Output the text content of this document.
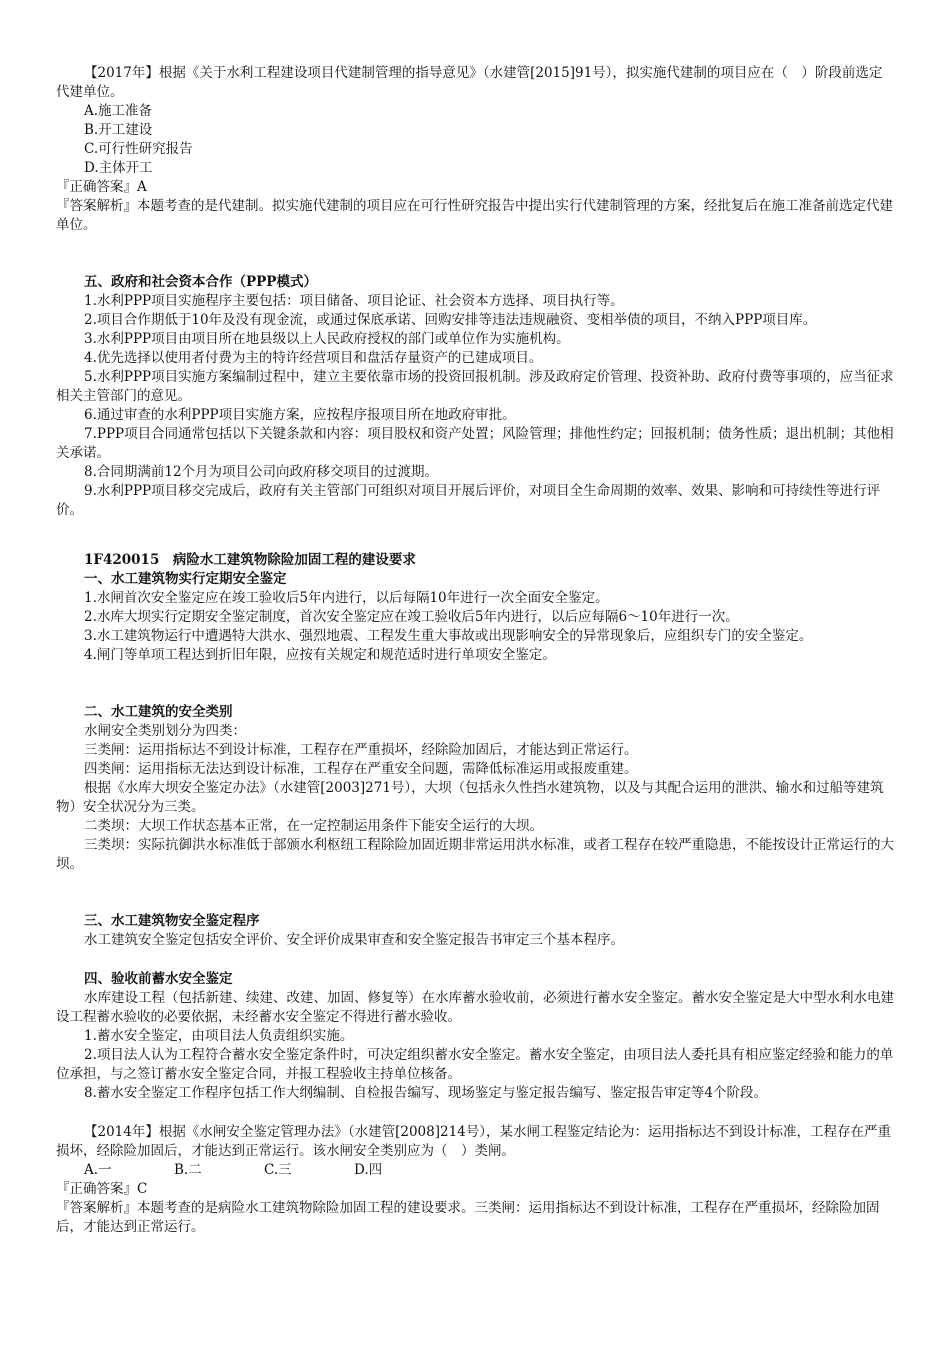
【2017年】根据《关于水利工程建设项目代建制管理的指导意见》（水建管[2015]91号），拟实施代建制的项目应在（　）阶段前选定代建单位。

A.施工准备

B.开工建设

C.可行性研究报告

D.主体开工

『正确答案』A

『答案解析』本题考查的是代建制。拟实施代建制的项目应在可行性研究报告中提出实行代建制管理的方案，经批复后在施工准备前选定代建单位。

五、政府和社会资本合作（PPP模式）

1.水利PPP项目实施程序主要包括：项目储备、项目论证、社会资本方选择、项目执行等。

2.项目合作期低于10年及没有现金流，或通过保底承诺、回购安排等违法违规融资、变相举债的项目，不纳入PPP项目库。

3.水利PPP项目由项目所在地县级以上人民政府授权的部门或单位作为实施机构。

4.优先选择以使用者付费为主的特许经营项目和盘活存量资产的已建成项目。

5.水利PPP项目实施方案编制过程中，建立主要依靠市场的投资回报机制。涉及政府定价管理、投资补助、政府付费等事项的，应当征求相关主管部门的意见。

6.通过审查的水利PPP项目实施方案，应按程序报项目所在地政府审批。

7.PPP项目合同通常包括以下关键条款和内容：项目股权和资产处置；风险管理；排他性约定；回报机制；债务性质；退出机制；其他相关承诺。

8.合同期满前12个月为项目公司向政府移交项目的过渡期。

9.水利PPP项目移交完成后，政府有关主管部门可组织对项目开展后评价，对项目全生命周期的效率、效果、影响和可持续性等进行评价。

1F420015　病险水工建筑物除险加固工程的建设要求

一、水工建筑物实行定期安全鉴定

1.水闸首次安全鉴定应在竣工验收后5年内进行，以后每隔10年进行一次全面安全鉴定。

2.水库大坝实行定期安全鉴定制度，首次安全鉴定应在竣工验收后5年内进行，以后应每隔6～10年进行一次。

3.水工建筑物运行中遭遇特大洪水、强烈地震、工程发生重大事故或出现影响安全的异常现象后，应组织专门的安全鉴定。

4.闸门等单项工程达到折旧年限，应按有关规定和规范适时进行单项安全鉴定。

二、水工建筑的安全类别

水闸安全类别划分为四类：

三类闸：运用指标达不到设计标准，工程存在严重损坏，经除险加固后，才能达到正常运行。

四类闸：运用指标无法达到设计标准，工程存在严重安全问题，需降低标准运用或报废重建。

根据《水库大坝安全鉴定办法》（水建管[2003]271号），大坝（包括永久性挡水建筑物，以及与其配合运用的泄洪、输水和过船等建筑物）安全状况分为三类。

二类坝：大坝工作状态基本正常，在一定控制运用条件下能安全运行的大坝。

三类坝：实际抗御洪水标准低于部颁水利枢纽工程除险加固近期非常运用洪水标准，或者工程存在较严重隐患，不能按设计正常运行的大坝。

三、水工建筑物安全鉴定程序

水工建筑安全鉴定包括安全评价、安全评价成果审查和安全鉴定报告书审定三个基本程序。

四、验收前蓄水安全鉴定

水库建设工程（包括新建、续建、改建、加固、修复等）在水库蓄水验收前，必须进行蓄水安全鉴定。蓄水安全鉴定是大中型水利水电建设工程蓄水验收的必要依据，未经蓄水安全鉴定不得进行蓄水验收。

1.蓄水安全鉴定，由项目法人负责组织实施。

2.项目法人认为工程符合蓄水安全鉴定条件时，可决定组织蓄水安全鉴定。蓄水安全鉴定，由项目法人委托具有相应鉴定经验和能力的单位承担，与之签订蓄水安全鉴定合同，并报工程验收主持单位核备。

8.蓄水安全鉴定工作程序包括工作大纲编制、自检报告编写、现场鉴定与鉴定报告编写、鉴定报告审定等4个阶段。

【2014年】根据《水闸安全鉴定管理办法》（水建管[2008]214号），某水闸工程鉴定结论为：运用指标达不到设计标准，工程存在严重损坏，经除险加固后，才能达到正常运行。该水闸安全类别应为（　）类闸。

A.一	B.二	C.三	D.四

『正确答案』C

『答案解析』本题考查的是病险水工建筑物除险加固工程的建设要求。三类闸：运用指标达不到设计标准，工程存在严重损坏，经除险加固后，才能达到正常运行。
